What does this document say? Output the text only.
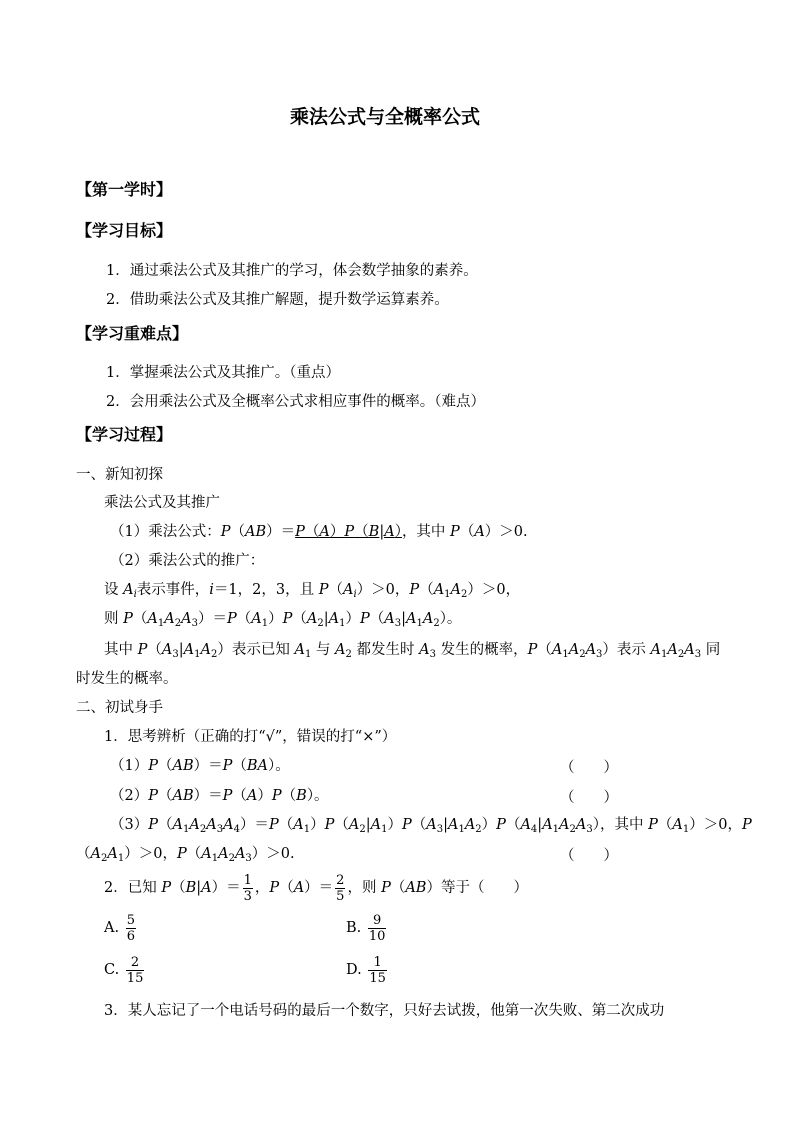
乘法公式与全概率公式
【第一学时】
【学习目标】
1．通过乘法公式及其推广的学习，体会数学抽象的素养。
2．借助乘法公式及其推广解题，提升数学运算素养。
【学习重难点】
1．掌握乘法公式及其推广。（重点）
2．会用乘法公式及全概率公式求相应事件的概率。（难点）
【学习过程】
一、新知初探
乘法公式及其推广
（1）乘法公式：P（AB）＝P（A）P（B|A），其中 P（A）＞0.
（2）乘法公式的推广：
设 $A_i$表示事件，i＝1，2，3，且 $P(A_i)>0$，$P(A_1A_2)>0$，
则 $P(A_1A_2A_3)=P(A_1)P(A_2|A_1)P(A_3|A_1A_2)$。
其中 $P(A_3|A_1A_2)$表示已知 $A_1$ 与 $A_2$ 都发生时 $A_3$ 发生的概率，$P(A_1A_2A_3)$表示 $A_1A_2A_3$ 同
时发生的概率。
二、初试身手
1．思考辨析（正确的打“√”，错误的打“×”）
（1）P（AB）＝P（BA）。	（　　）
（2）P（AB）＝P（A）P（B）。	（　　）
$(3)P(A_1A_2A_3A_4)=P(A_1)P(A_2|A_1)P(A_3|A_1A_2)P(A_4|A_1A_2A_3)$，其中 $P(A_1)>0$，P
$(A_2A_1)>0$，$P(A_1A_2A_3)>0$.	（　　）
2．已知 $P(B|A)= \frac{1}{3}$ ，$P(A)= \frac{2}{5}$ ，则 P（AB）等于（　　）
A. $\frac{5}{6}$	B. $\frac{9}{10}$
C. $\frac{2}{15}$	D. $\frac{1}{15}$
3．某人忘记了一个电话号码的最后一个数字，只好去试拨，他第一次失败、第二次成功
